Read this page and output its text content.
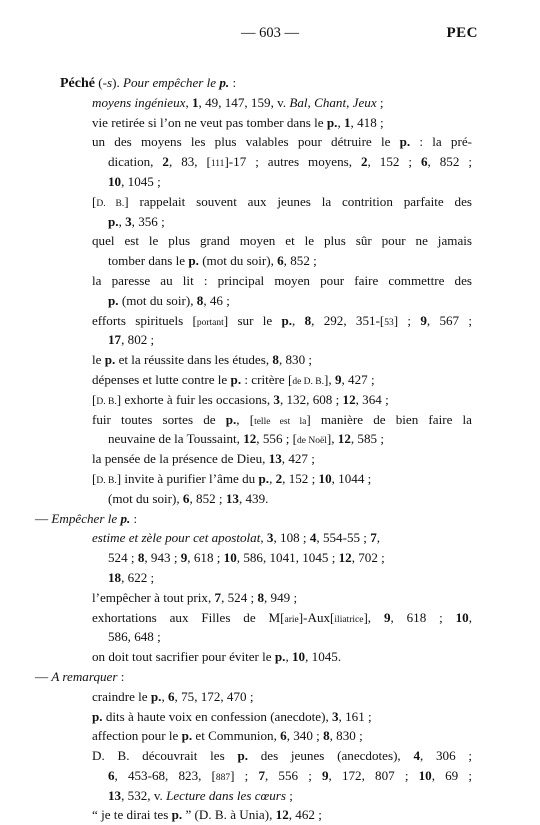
— 603 —	PEC
Péché (-s). Pour empêcher le p. :
moyens ingénieux, 1, 49, 147, 159, v. Bal, Chant, Jeux ;
vie retirée si l’on ne veut pas tomber dans le p., 1, 418 ;
un des moyens les plus valables pour détruire le p. : la pré-
dication, 2, 83, [111]-17 ; autres moyens, 2, 152 ; 6, 852 ;
10, 1045 ;
[D. B.] rappelait souvent aux jeunes la contrition parfaite des
p., 3, 356 ;
quel est le plus grand moyen et le plus sûr pour ne jamais
tomber dans le p. (mot du soir), 6, 852 ;
la paresse au lit : principal moyen pour faire commettre des
p. (mot du soir), 8, 46 ;
efforts spirituels [portant] sur le p., 8, 292, 351-[53] ; 9, 567 ;
17, 802 ;
le p. et la réussite dans les études, 8, 830 ;
dépenses et lutte contre le p. : critère [de D. B.], 9, 427 ;
[D. B.] exhorte à fuir les occasions, 3, 132, 608 ; 12, 364 ;
fuir toutes sortes de p., [telle est la] manière de bien faire la
neuvaine de la Toussaint, 12, 556 ; [de Noël], 12, 585 ;
la pensée de la présence de Dieu, 13, 427 ;
[D. B.] invite à purifier l’âme du p., 2, 152 ; 10, 1044 ;
(mot du soir), 6, 852 ; 13, 439.
— Empêcher le p. :
estime et zèle pour cet apostolat, 3, 108 ; 4, 554-55 ; 7,
524 ; 8, 943 ; 9, 618 ; 10, 586, 1041, 1045 ; 12, 702 ;
18, 622 ;
l’empêcher à tout prix, 7, 524 ; 8, 949 ;
exhortations aux Filles de M[arie]-Aux[iliatrice], 9, 618 ; 10,
586, 648 ;
on doit tout sacrifier pour éviter le p., 10, 1045.
— A remarquer :
craindre le p., 6, 75, 172, 470 ;
p. dits à haute voix en confession (anecdote), 3, 161 ;
affection pour le p. et Communion, 6, 340 ; 8, 830 ;
D. B. découvrait les p. des jeunes (anecdotes), 4, 306 ;
6, 453-68, 823, [887] ; 7, 556 ; 9, 172, 807 ; 10, 69 ;
13, 532, v. Lecture dans les cœurs ;
“ je te dirai tes p. ” (D. B. à Unia), 12, 462 ;
